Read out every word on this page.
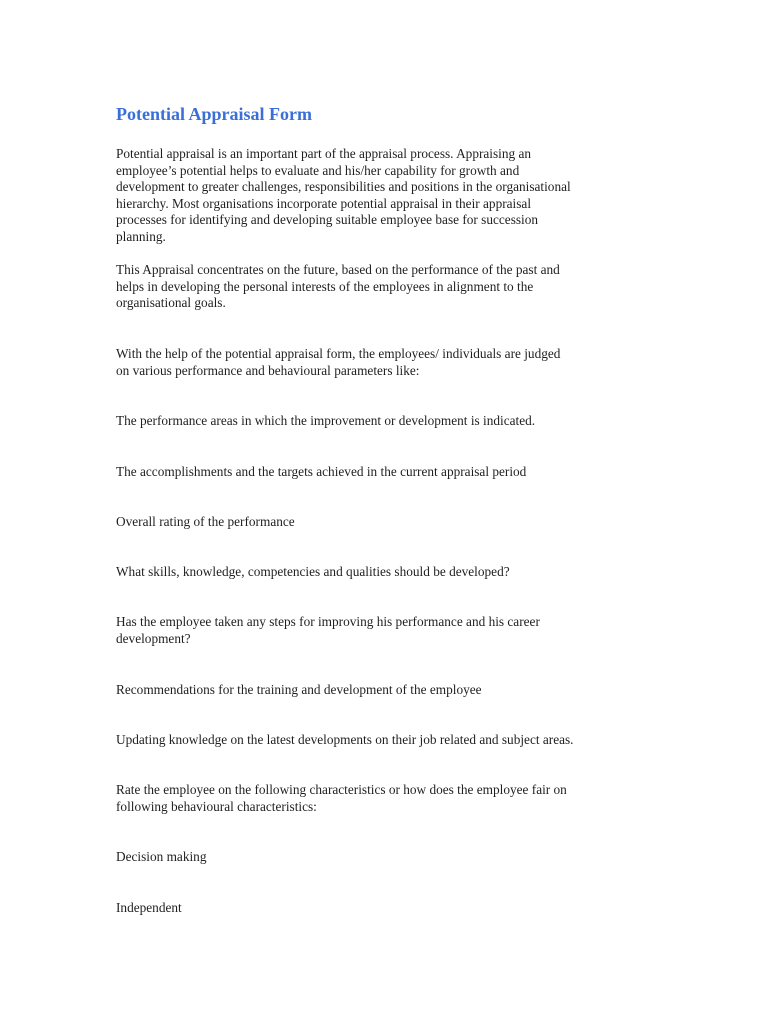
Potential Appraisal Form

Potential appraisal is an important part of the appraisal process. Appraising an
employee’s potential helps to evaluate and his/her capability for growth and
development to greater challenges, responsibilities and positions in the organisational
hierarchy. Most organisations incorporate potential appraisal in their appraisal
processes for identifying and developing suitable employee base for succession
planning.

This Appraisal concentrates on the future, based on the performance of the past and
helps in developing the personal interests of the employees in alignment to the
organisational goals.

With the help of the potential appraisal form, the employees/ individuals are judged
on various performance and behavioural parameters like:

The performance areas in which the improvement or development is indicated.

The accomplishments and the targets achieved in the current appraisal period

Overall rating of the performance

What skills, knowledge, competencies and qualities should be developed?

Has the employee taken any steps for improving his performance and his career
development?

Recommendations for the training and development of the employee

Updating knowledge on the latest developments on their job related and subject areas.

Rate the employee on the following characteristics or how does the employee fair on
following behavioural characteristics:

Decision making

Independent
